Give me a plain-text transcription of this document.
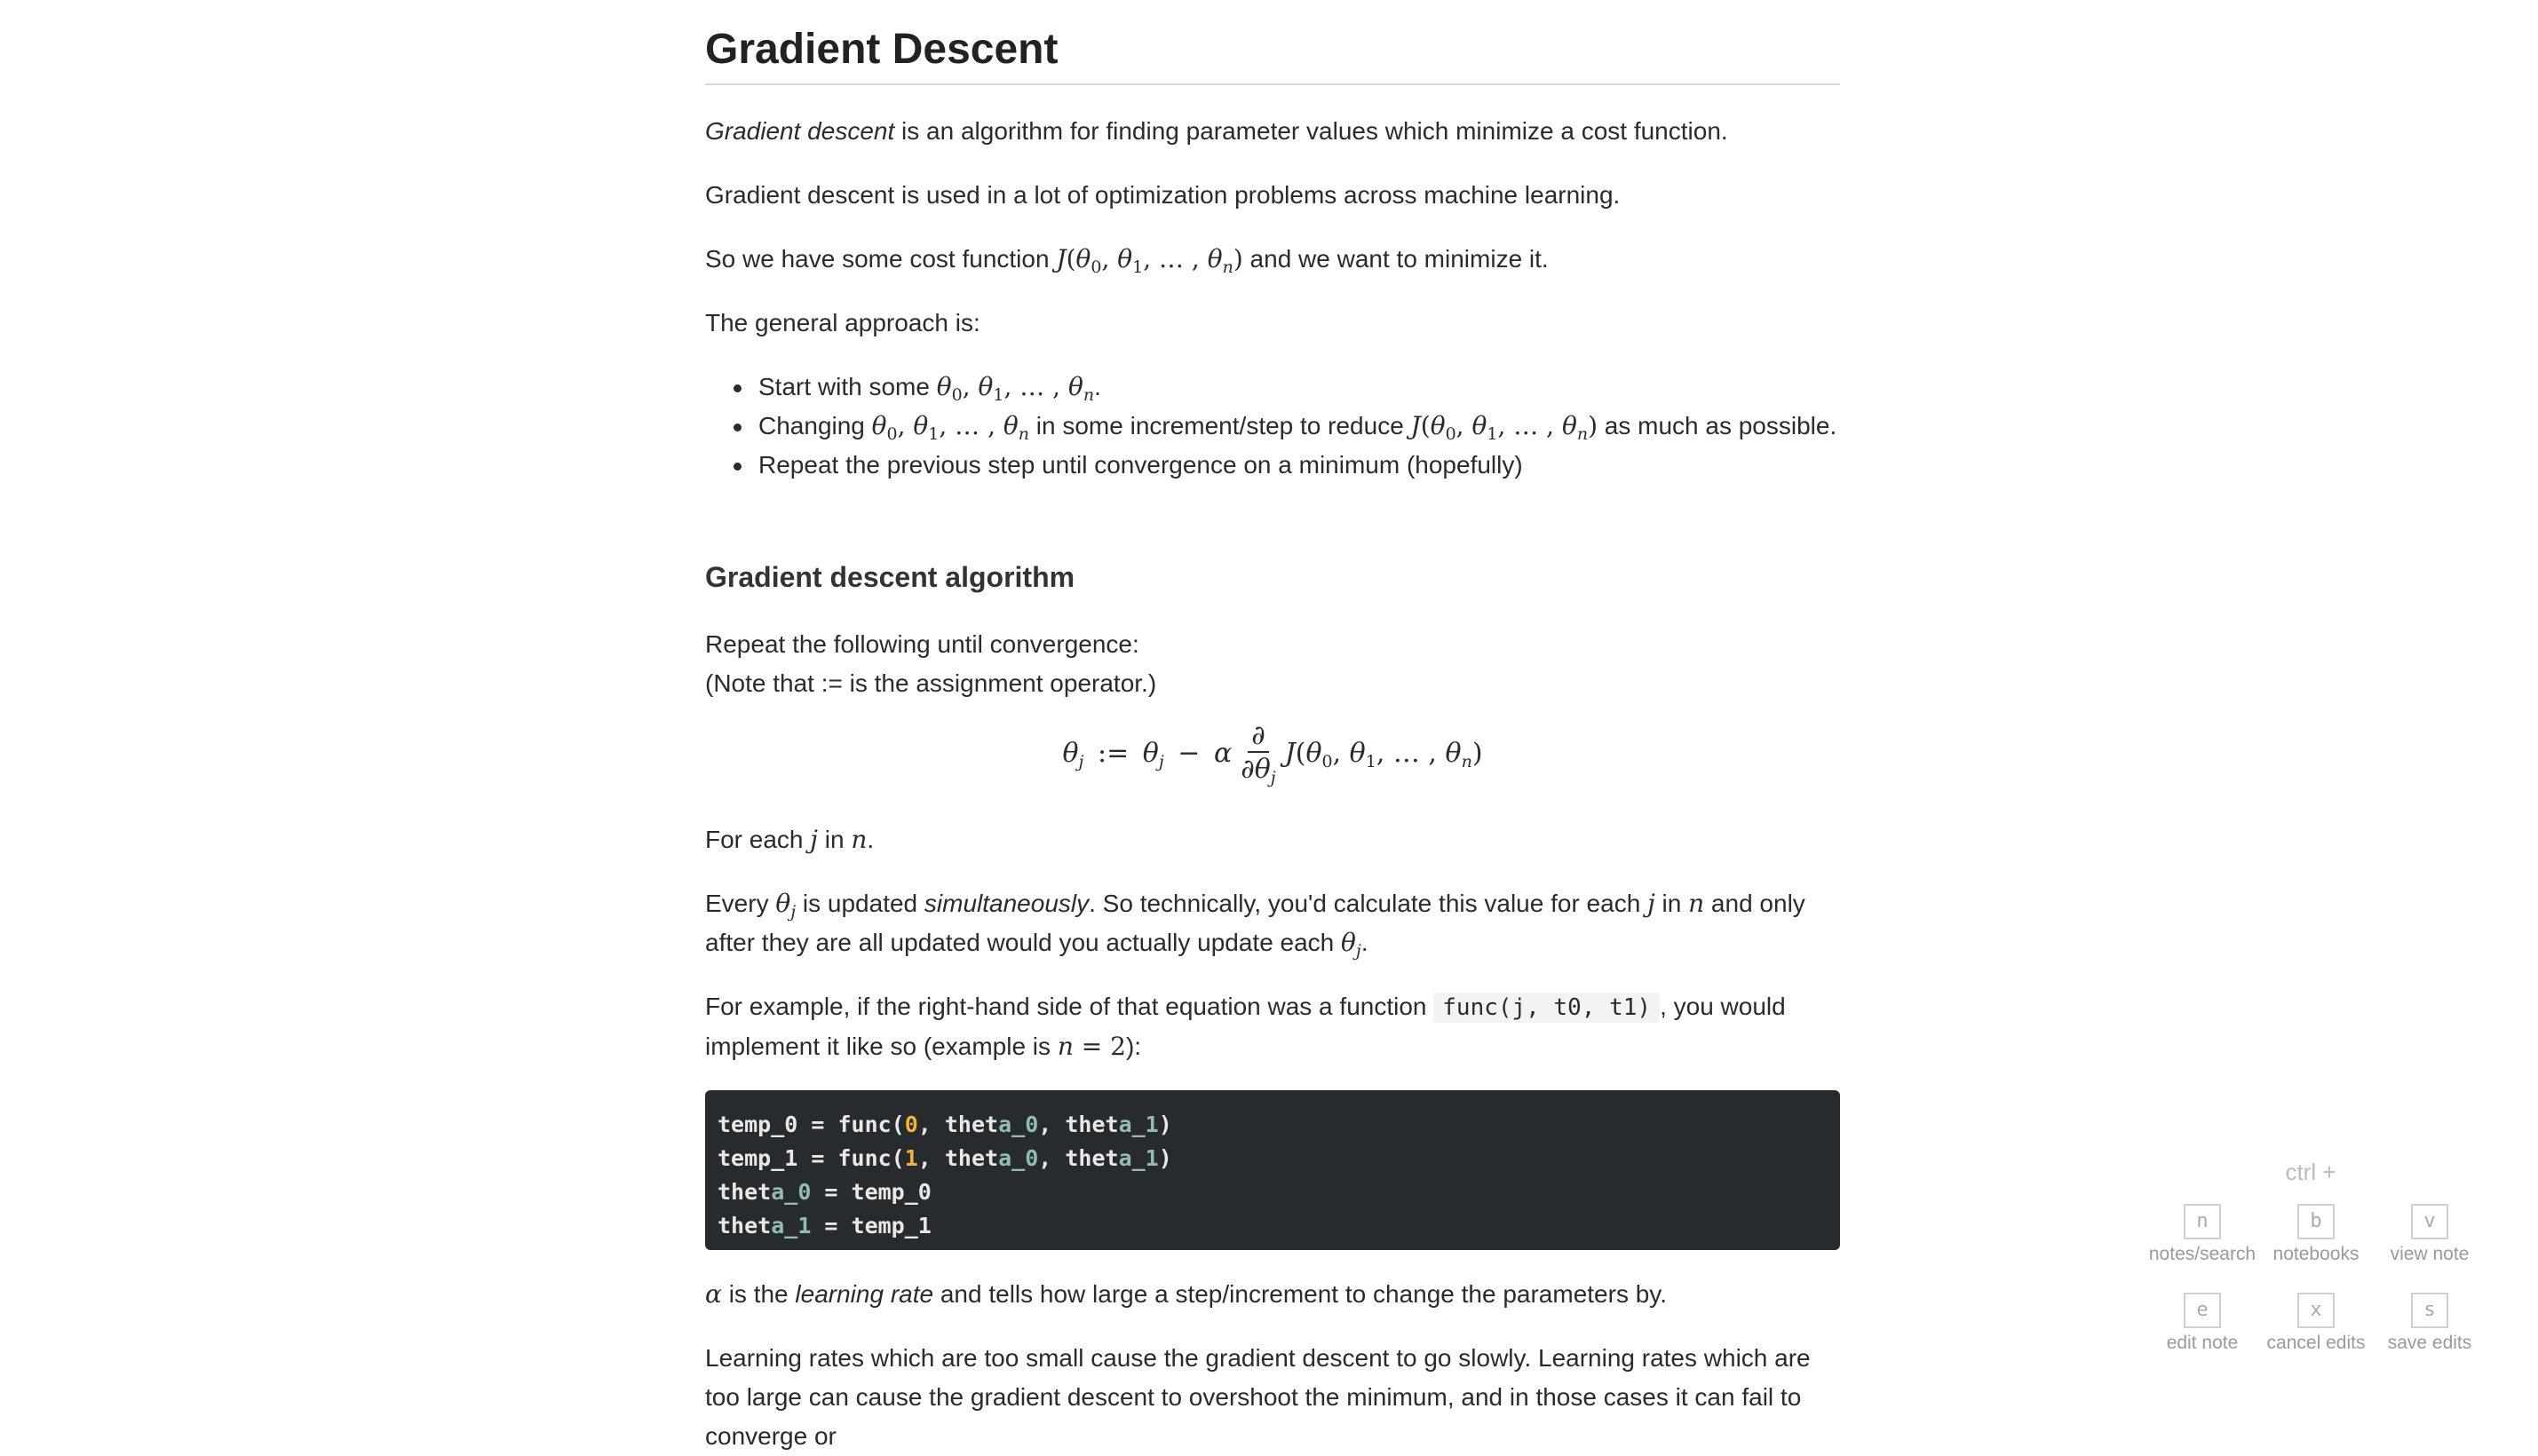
Gradient Descent

Gradient descent is an algorithm for finding parameter values which minimize a cost function.

Gradient descent is used in a lot of optimization problems across machine learning.

So we have some cost function $J(\theta_0$, $\theta_1$, … , $\theta_n$) and we want to minimize it.

The general approach is:

Start with some $\theta_0$, $\theta_1$, … , $\theta_n$.
Changing $\theta_0$, $\theta_1$, … , $\theta_n$ in some increment/step to reduce $J(\theta_0$, $\theta_1$, … , $\theta_n$) as much as possible.
Repeat the previous step until convergence on a minimum (hopefully)
Gradient descent algorithm

Repeat the following until convergence:
(Note that := is the assignment operator.)

$\theta_j$ := $\theta_j - \alpha \frac{\partial}{\partial\theta_j} J(\theta_0$, $\theta_1$, … , $\theta_n$)

For each j in n.

Every $\theta_j$ is updated simultaneously. So technically, you'd calculate this value for each j in n and only after they are all updated would you actually update each $\theta_j$.

For example, if the right-hand side of that equation was a function func(j, t0, t1) , you would implement it like so (example is n = 2):

temp_0 = func(0, theta_0, theta_1)
temp_1 = func(1, theta_0, theta_1)
theta_0 = temp_0
theta_1 = temp_1

α is the learning rate and tells how large a step/increment to change the parameters by.

Learning rates which are too small cause the gradient descent to go slowly. Learning rates which are too large can cause the gradient descent to overshoot the minimum, and in those cases it can fail to converge or

ctrl +
n
notes/search
b
notebooks
v
view note
e
edit note
x
cancel edits
s
save edits
